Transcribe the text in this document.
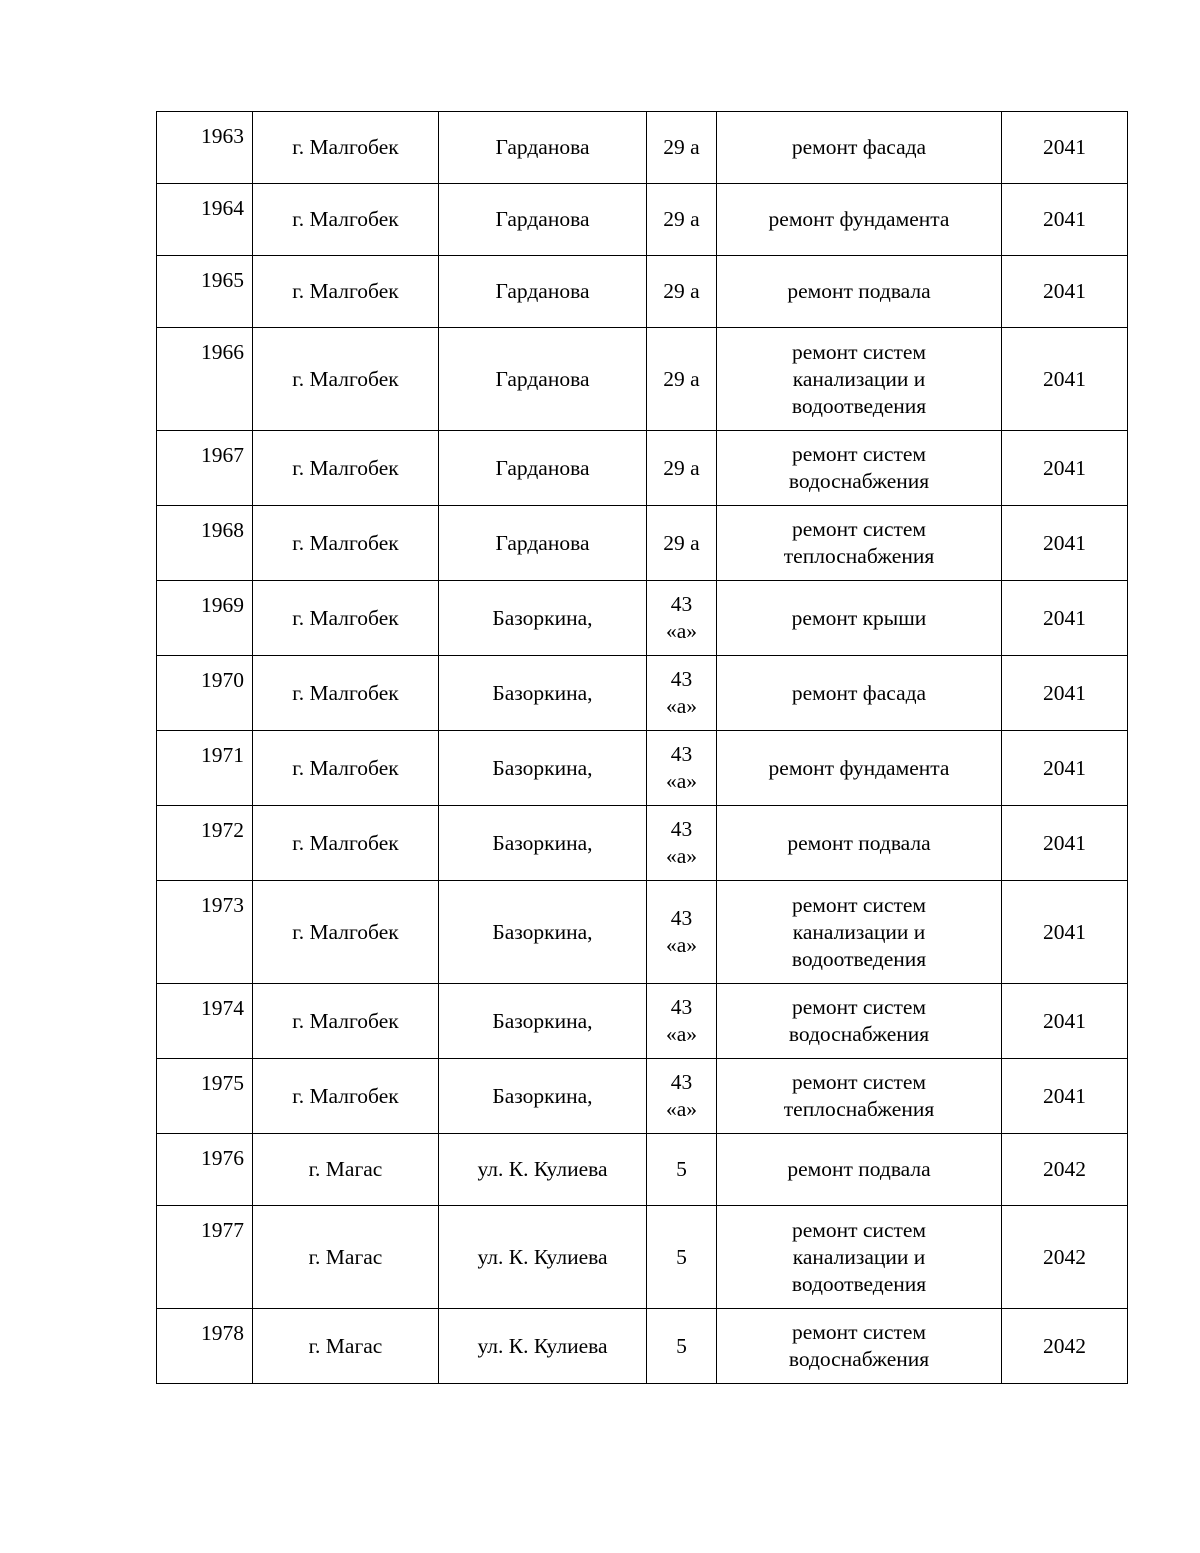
1963	г. Малгобек	Гарданова	29 а	ремонт фасада	2041
1964	г. Малгобек	Гарданова	29 а	ремонт фундамента	2041
1965	г. Малгобек	Гарданова	29 а	ремонт подвала	2041
1966	г. Малгобек	Гарданова	29 а	ремонт систем
канализации и
водоотведения	2041
1967	г. Малгобек	Гарданова	29 а	ремонт систем
водоснабжения	2041
1968	г. Малгобек	Гарданова	29 а	ремонт систем
теплоснабжения	2041
1969	г. Малгобек	Базоркина,	43
«а»	ремонт крыши	2041
1970	г. Малгобек	Базоркина,	43
«а»	ремонт фасада	2041
1971	г. Малгобек	Базоркина,	43
«а»	ремонт фундамента	2041
1972	г. Малгобек	Базоркина,	43
«а»	ремонт подвала	2041
1973	г. Малгобек	Базоркина,	43
«а»	ремонт систем
канализации и
водоотведения	2041
1974	г. Малгобек	Базоркина,	43
«а»	ремонт систем
водоснабжения	2041
1975	г. Малгобек	Базоркина,	43
«а»	ремонт систем
теплоснабжения	2041
1976	г. Магас	ул. К. Кулиева	5	ремонт подвала	2042
1977	г. Магас	ул. К. Кулиева	5	ремонт систем
канализации и
водоотведения	2042
1978	г. Магас	ул. К. Кулиева	5	ремонт систем
водоснабжения	2042
